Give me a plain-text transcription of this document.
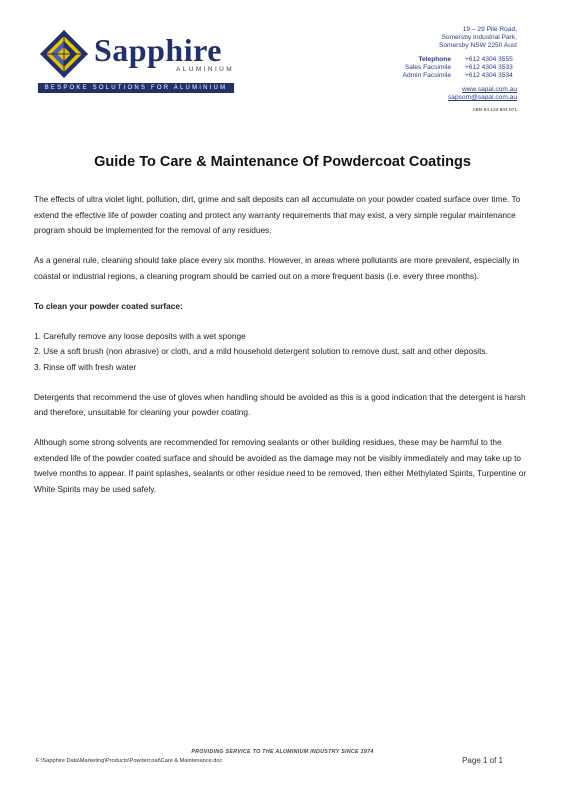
Sapphire
ALUMINIUM
BESPOKE SOLUTIONS FOR ALUMINIUM
19 – 29 Pile Road,
Somersby Industrial Park,
Somersby NSW 2250 Aust
Telephone	+612 4304 3555
Sales Facsimile	+612 4304 3533
Admin Facsimile	+612 4304 3534
www.sapal.com.au
sapsom@sapal.com.au
ABN 84 123 804 971
Guide To Care & Maintenance Of Powdercoat Coatings

The effects of ultra violet light, pollution, dirt, grime and salt deposits can all accumulate on your powder coated surface over time. To extend the effective life of powder coating and protect any warranty requirements that may exist, a very simple regular maintenance program should be implemented for the removal of any residues.

As a general rule, cleaning should take place every six months. However, in areas where pollutants are more prevalent, especially in coastal or industrial regions, a cleaning program should be carried out on a more frequent basis (i.e. every three months).

To clean your powder coated surface:

1. Carefully remove any loose deposits with a wet sponge
2. Use a soft brush (non abrasive) or cloth, and a mild household detergent solution to remove dust, salt and other deposits.
3. Rinse off with fresh water

Detergents that recommend the use of gloves when handling should be avoided as this is a good indication that the detergent is harsh and therefore, unsuitable for cleaning your powder coating.

Although some strong solvents are recommended for removing sealants or other building residues, these may be harmful to the extended life of the powder coated surface and should be avoided as the damage may not be visibly immediately and may take up to twelve months to appear. If paint splashes, sealants or other residue need to be removed, then either Methylated Spirits, Turpentine or White Spirits may be used safely.

PROVIDING SERVICE TO THE ALUMINIUM INDUSTRY SINCE 1974
F:\Sapphire Data\Marketing\Products\Powdercoat\Care & Maintenance.doc	Page 1 of 1
